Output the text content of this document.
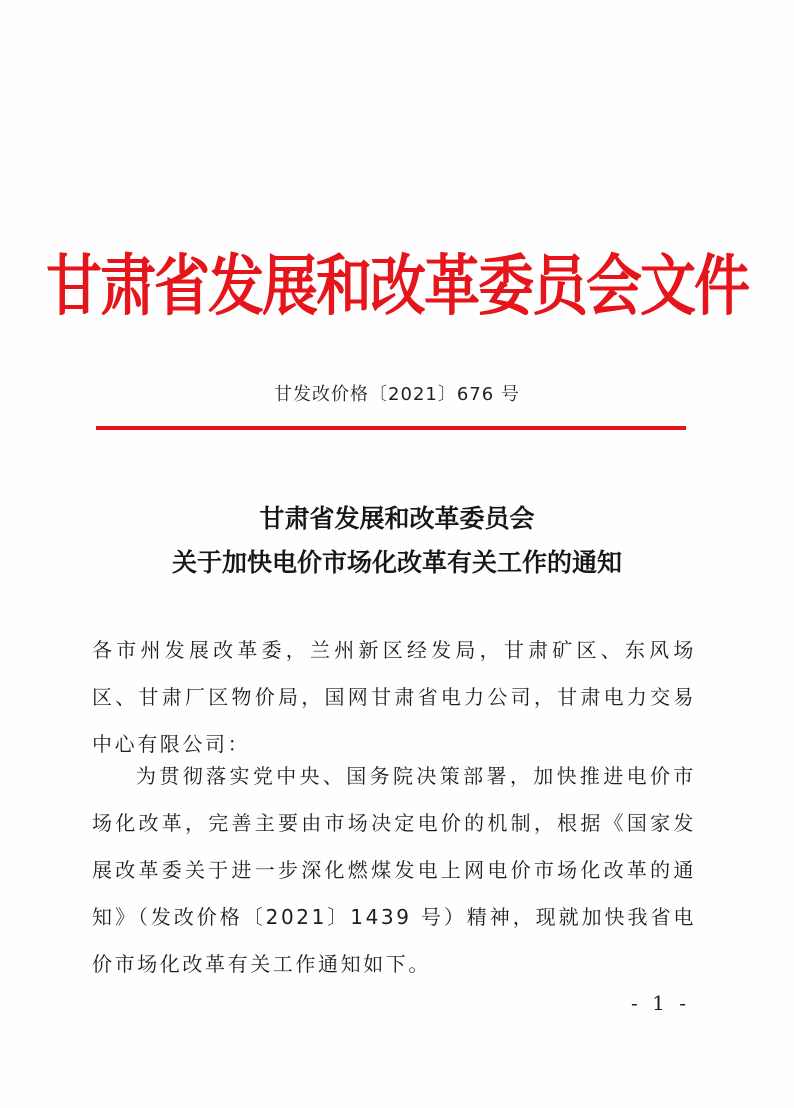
甘肃省发展和改革委员会文件
甘发改价格〔2021〕676 号
甘肃省发展和改革委员会
关于加快电价市场化改革有关工作的通知
各市州发展改革委，兰州新区经发局，甘肃矿区、东风场区、甘肃厂区物价局，国网甘肃省电力公司，甘肃电力交易中心有限公司：
为贯彻落实党中央、国务院决策部署，加快推进电价市场化改革，完善主要由市场决定电价的机制，根据《国家发展改革委关于进一步深化燃煤发电上网电价市场化改革的通知》（发改价格〔2021〕1439 号）精神，现就加快我省电价市场化改革有关工作通知如下。
- 1 -
